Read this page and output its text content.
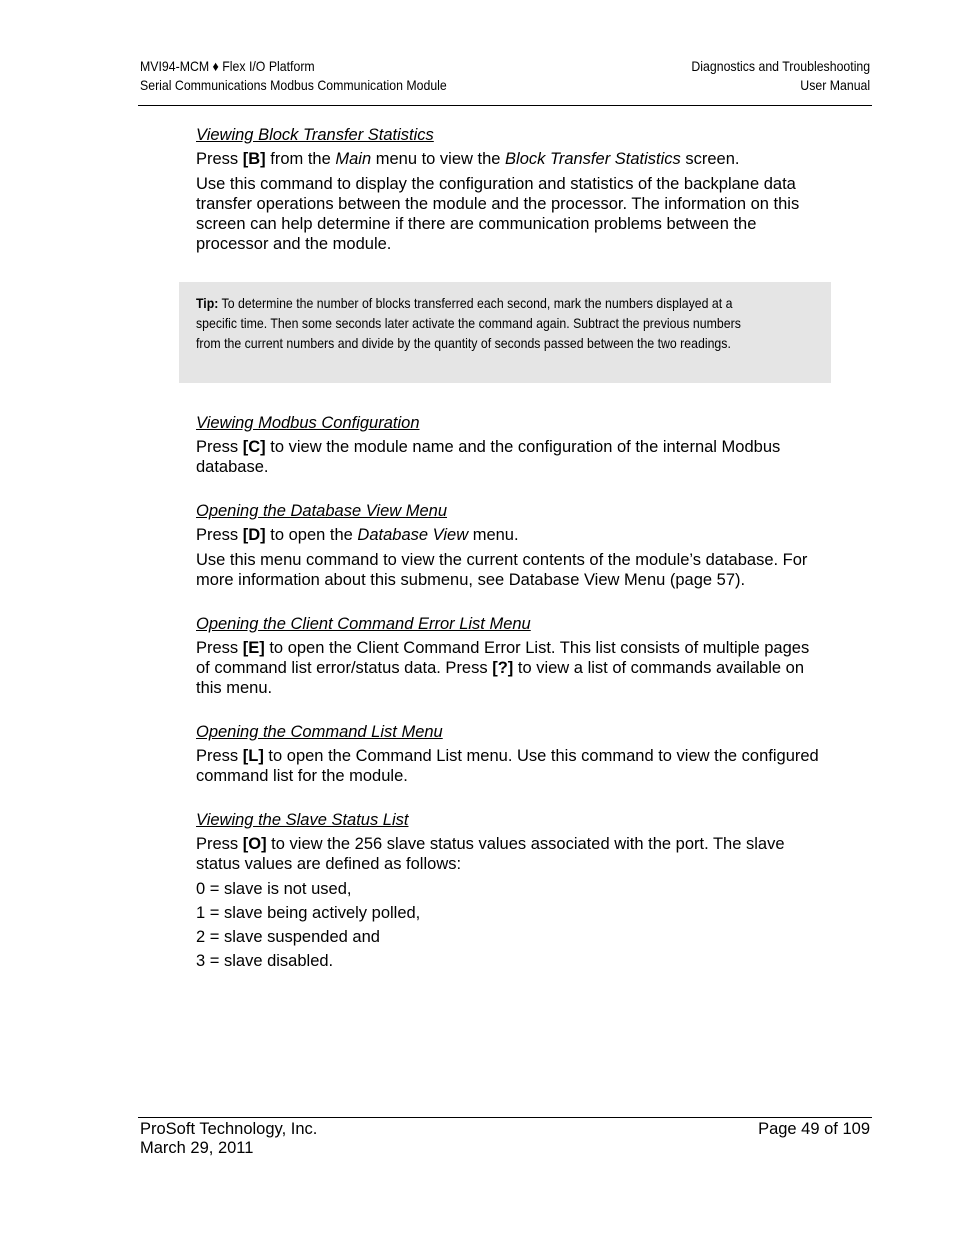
MVI94-MCM ♦ Flex I/O Platform
Serial Communications Modbus Communication Module
Diagnostics and Troubleshooting
User Manual

Viewing Block Transfer Statistics

Press [B] from the Main menu to view the Block Transfer Statistics screen.

Use this command to display the configuration and statistics of the backplane data transfer operations between the module and the processor. The information on this screen can help determine if there are communication problems between the processor and the module.

Viewing Modbus Configuration

Press [C] to view the module name and the configuration of the internal Modbus database.

Opening the Database View Menu

Press [D] to open the Database View menu.

Use this menu command to view the current contents of the module’s database. For more information about this submenu, see Database View Menu (page 57).

Opening the Client Command Error List Menu

Press [E] to open the Client Command Error List. This list consists of multiple pages of command list error/status data. Press [?] to view a list of commands available on this menu.

Opening the Command List Menu

Press [L] to open the Command List menu. Use this command to view the configured command list for the module.

Viewing the Slave Status List

Press [O] to view the 256 slave status values associated with the port. The slave status values are defined as follows:

0 = slave is not used,

1 = slave being actively polled,

2 = slave suspended and

3 = slave disabled.

Tip: To determine the number of blocks transferred each second, mark the numbers displayed at a specific time. Then some seconds later activate the command again. Subtract the previous numbers from the current numbers and divide by the quantity of seconds passed between the two readings.
ProSoft Technology, Inc.
March 29, 2011
Page 49 of 109
